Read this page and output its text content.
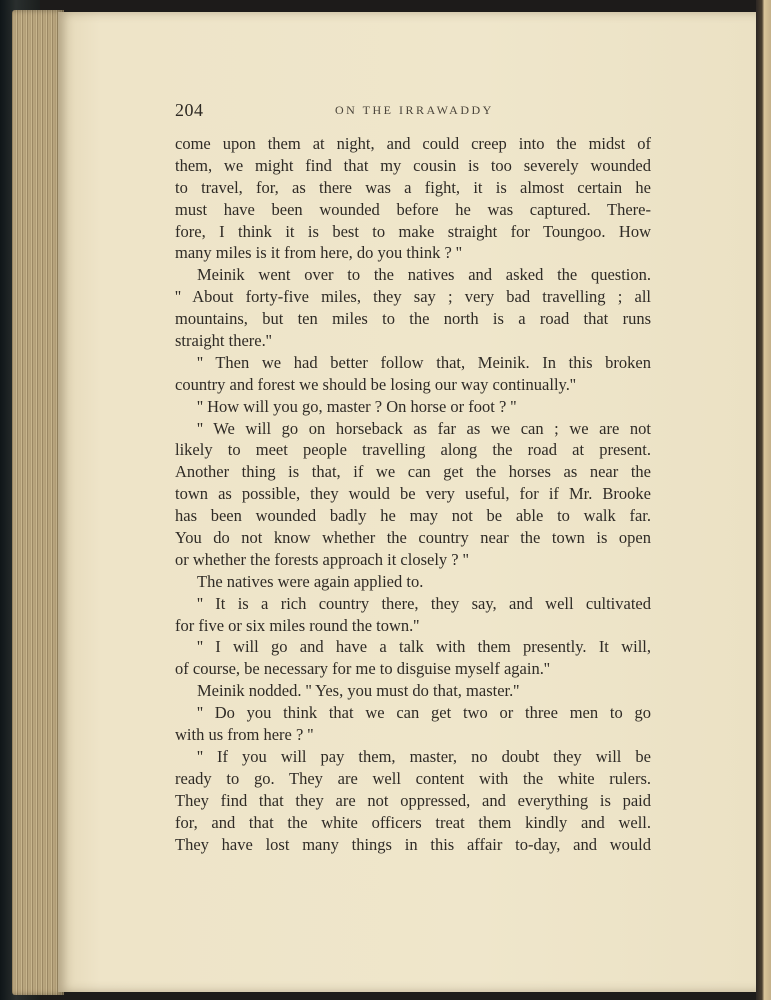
204	ON THE IRRAWADDY
come upon them at night, and could creep into the midst of
them, we might find that my cousin is too severely wounded
to travel, for, as there was a fight, it is almost certain he
must have been wounded before he was captured. There-
fore, I think it is best to make straight for Toungoo. How
many miles is it from here, do you think ? ''
Meinik went over to the natives and asked the question.
'' About forty-five miles, they say ; very bad travelling ; all
mountains, but ten miles to the north is a road that runs
straight there.''
'' Then we had better follow that, Meinik. In this broken
country and forest we should be losing our way continually.''
'' How will you go, master ? On horse or foot ? ''
'' We will go on horseback as far as we can ; we are not
likely to meet people travelling along the road at present.
Another thing is that, if we can get the horses as near the
town as possible, they would be very useful, for if Mr. Brooke
has been wounded badly he may not be able to walk far.
You do not know whether the country near the town is open
or whether the forests approach it closely ? ''
The natives were again applied to.
'' It is a rich country there, they say, and well cultivated
for five or six miles round the town.''
'' I will go and have a talk with them presently. It will,
of course, be necessary for me to disguise myself again.''
Meinik nodded. '' Yes, you must do that, master.''
'' Do you think that we can get two or three men to go
with us from here ? ''
'' If you will pay them, master, no doubt they will be
ready to go. They are well content with the white rulers.
They find that they are not oppressed, and everything is paid
for, and that the white officers treat them kindly and well.
They have lost many things in this affair to-day, and would
